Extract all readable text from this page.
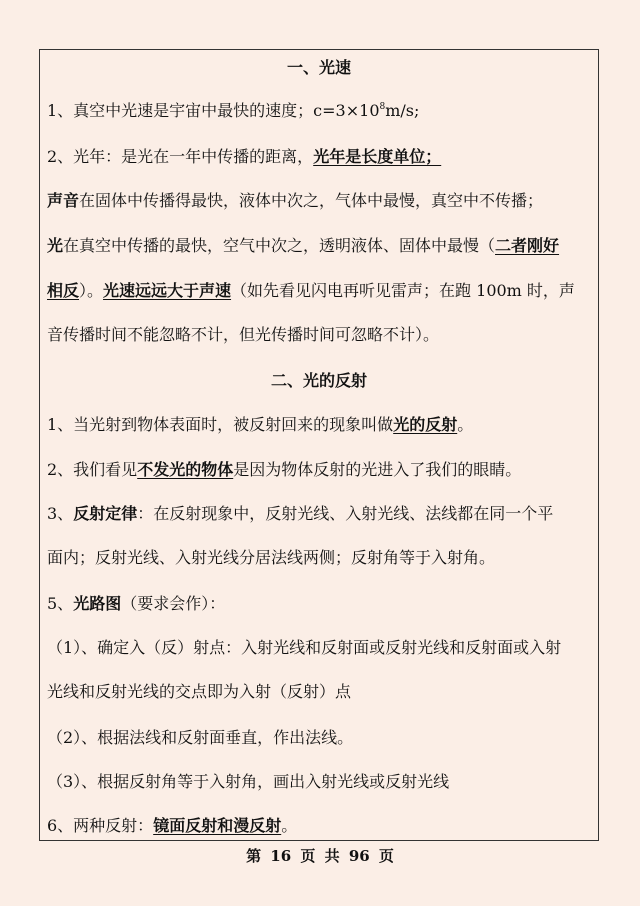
一、光速
1、真空中光速是宇宙中最快的速度；$c=3\times 10^8m/s$;
2、光年：是光在一年中传播的距离，光年是长度单位；
声音在固体中传播得最快，液体中次之，气体中最慢，真空中不传播；
光在真空中传播的最快，空气中次之，透明液体、固体中最慢（二者刚好
相反）。光速远远大于声速（如先看见闪电再听见雷声；在跑 100m 时，声
音传播时间不能忽略不计，但光传播时间可忽略不计）。
二、光的反射
1、当光射到物体表面时，被反射回来的现象叫做光的反射。
2、我们看见不发光的物体是因为物体反射的光进入了我们的眼睛。
3、反射定律：在反射现象中，反射光线、入射光线、法线都在同一个平
面内；反射光线、入射光线分居法线两侧；反射角等于入射角。
5、光路图（要求会作）：
（1）、确定入（反）射点：入射光线和反射面或反射光线和反射面或入射
光线和反射光线的交点即为入射（反射）点
（2）、根据法线和反射面垂直，作出法线。
（3）、根据反射角等于入射角，画出入射光线或反射光线
6、两种反射：镜面反射和漫反射。
第 16 页 共 96 页
